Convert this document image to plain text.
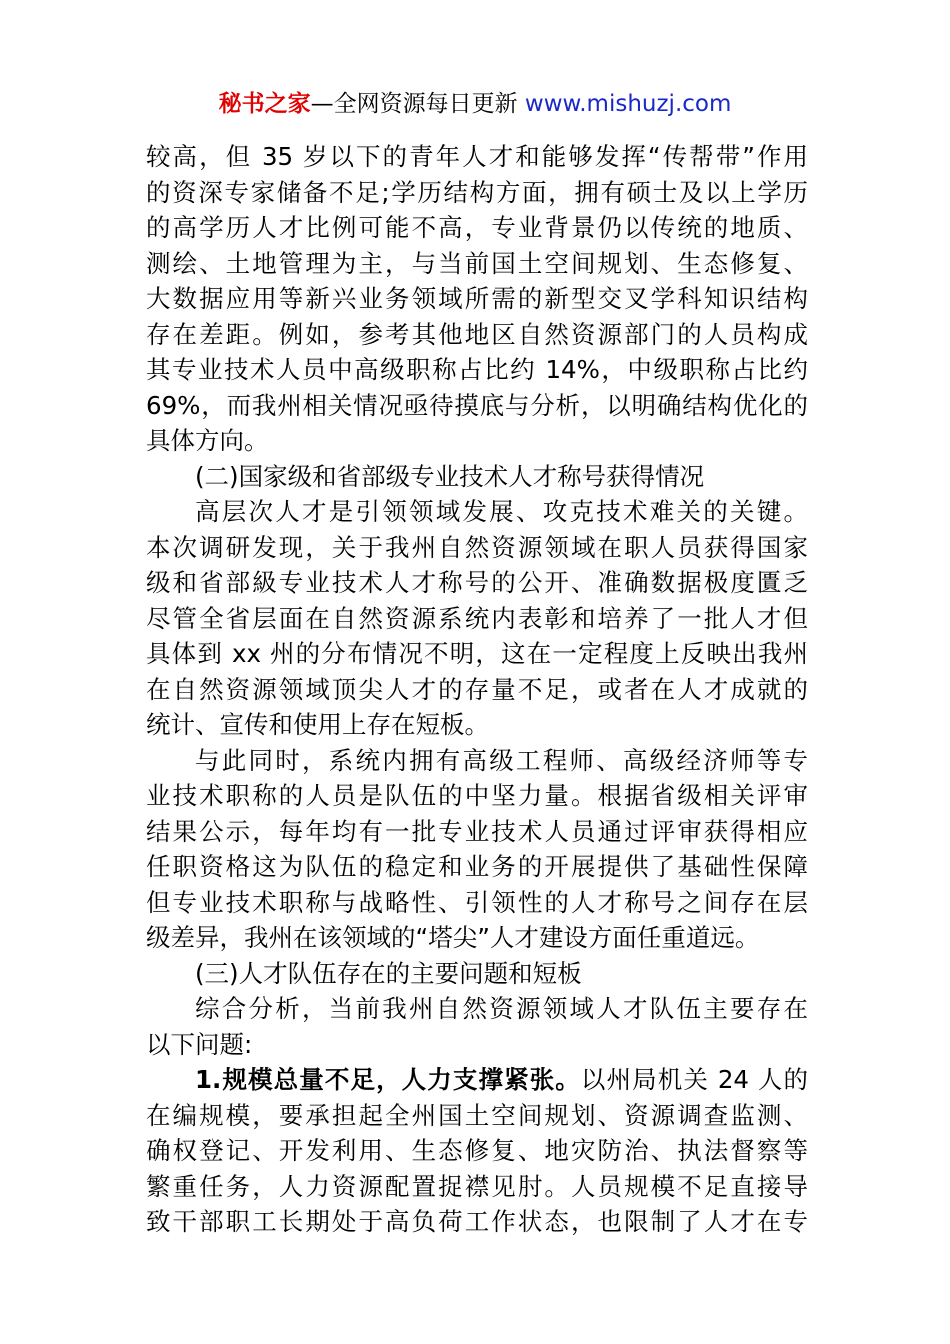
秘书之家—全网资源每日更新 www.mishuzj.com
较高，但 35 岁以下的青年人才和能够发挥“传帮带”作用
的资深专家储备不足;学历结构方面，拥有硕士及以上学历
的高学历人才比例可能不高，专业背景仍以传统的地质、
测绘、土地管理为主，与当前国土空间规划、生态修复、
大数据应用等新兴业务领域所需的新型交叉学科知识结构
存在差距。例如，参考其他地区自然资源部门的人员构成
其专业技术人员中高级职称占比约 14%，中级职称占比约
69%，而我州相关情况亟待摸底与分析，以明确结构优化的
具体方向。
(二)国家级和省部级专业技术人才称号获得情况
高层次人才是引领领域发展、攻克技术难关的关键。
本次调研发现，关于我州自然资源领域在职人员获得国家
级和省部級专业技术人才称号的公开、准确数据极度匱乏
尽管全省层面在自然资源系统内表彰和培养了一批人才但
具体到 xx 州的分布情况不明，这在一定程度上反映出我州
在自然资源领域顶尖人才的存量不足，或者在人才成就的
统计、宣传和使用上存在短板。
与此同时，系统内拥有高级工程师、高级经济师等专
业技术职称的人员是队伍的中坚力量。根据省级相关评审
结果公示，每年均有一批专业技术人员通过评审获得相应
任职资格这为队伍的稳定和业务的开展提供了基础性保障
但专业技术职称与战略性、引领性的人才称号之间存在层
级差异，我州在该领域的“塔尖”人才建设方面任重道远。
(三)人才队伍存在的主要问题和短板
综合分析，当前我州自然资源领域人才队伍主要存在
以下问题:
1.规模总量不足，人力支撑紧张。以州局机关 24 人的
在编规模，要承担起全州国土空间规划、资源调查监测、
确权登记、开发利用、生态修复、地灾防治、执法督察等
繁重任务，人力资源配置捉襟见肘。人员规模不足直接导
致干部职工长期处于高负荷工作状态，也限制了人才在专
